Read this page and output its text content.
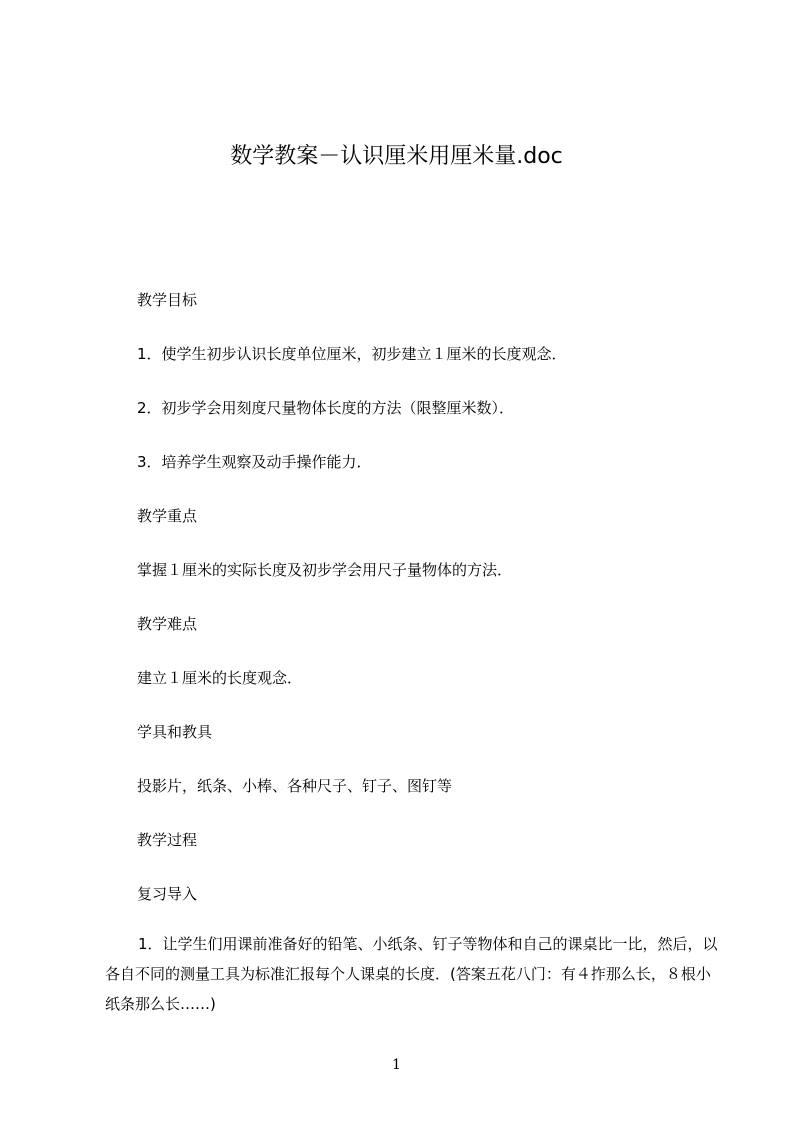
数学教案－认识厘米用厘米量.doc
教学目标
1．使学生初步认识长度单位厘米，初步建立１厘米的长度观念．
2．初步学会用刻度尺量物体长度的方法（限整厘米数）．
3．培养学生观察及动手操作能力．
教学重点
掌握１厘米的实际长度及初步学会用尺子量物体的方法．
教学难点
建立１厘米的长度观念．
学具和教具
投影片，纸条、小棒、各种尺子、钉子、图钉等
教学过程
复习导入
1．让学生们用课前准备好的铅笔、小纸条、钉子等物体和自己的课桌比一比，然后，以各自不同的测量工具为标准汇报每个人课桌的长度．(答案五花八门：有４拃那么长，８根小纸条那么长……)
1
